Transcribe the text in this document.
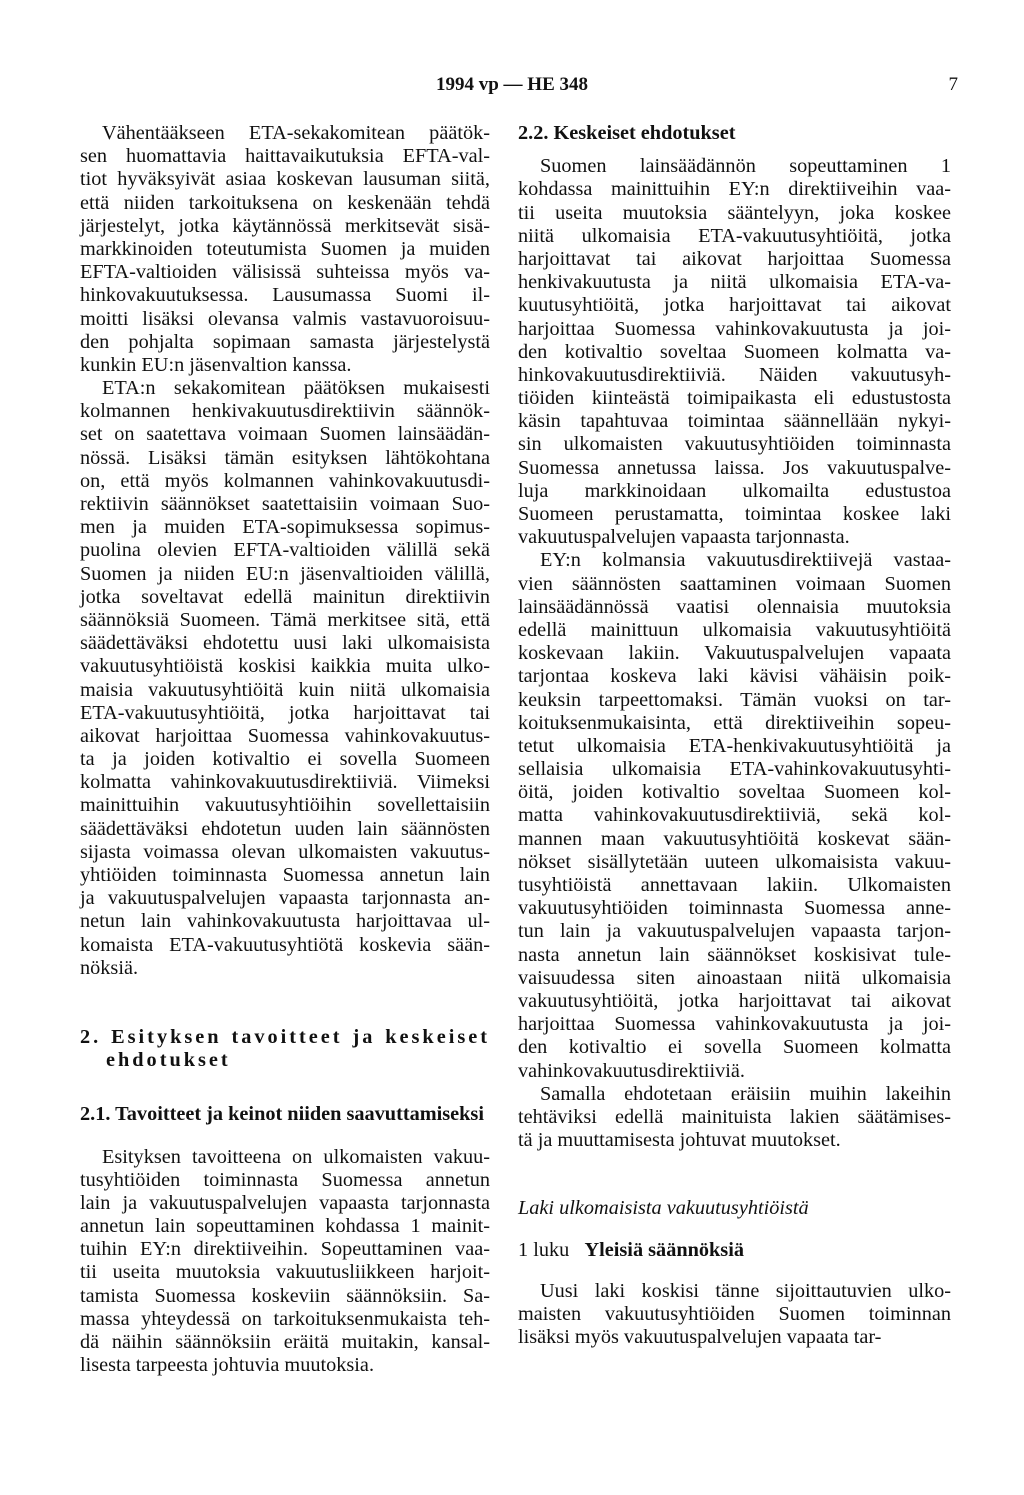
1994 vp — HE 348	7
Vähentääkseen ETA-sekakomitean päätök-
sen huomattavia haittavaikutuksia EFTA-val-
tiot hyväksyivät asiaa koskevan lausuman siitä,
että niiden tarkoituksena on keskenään tehdä
järjestelyt, jotka käytännössä merkitsevät sisä-
markkinoiden toteutumista Suomen ja muiden
EFTA-valtioiden välisissä suhteissa myös va-
hinkovakuutuksessa. Lausumassa Suomi il-
moitti lisäksi olevansa valmis vastavuoroisuu-
den pohjalta sopimaan samasta järjestelystä
kunkin EU:n jäsenvaltion kanssa.
ETA:n sekakomitean päätöksen mukaisesti
kolmannen henkivakuutusdirektiivin säännök-
set on saatettava voimaan Suomen lainsäädän-
nössä. Lisäksi tämän esityksen lähtökohtana
on, että myös kolmannen vahinkovakuutusdi-
rektiivin säännökset saatettaisiin voimaan Suo-
men ja muiden ETA-sopimuksessa sopimus-
puolina olevien EFTA-valtioiden välillä sekä
Suomen ja niiden EU:n jäsenvaltioiden välillä,
jotka soveltavat edellä mainitun direktiivin
säännöksiä Suomeen. Tämä merkitsee sitä, että
säädettäväksi ehdotettu uusi laki ulkomaisista
vakuutusyhtiöistä koskisi kaikkia muita ulko-
maisia vakuutusyhtiöitä kuin niitä ulkomaisia
ETA-vakuutusyhtiöitä, jotka harjoittavat tai
aikovat harjoittaa Suomessa vahinkovakuutus-
ta ja joiden kotivaltio ei sovella Suomeen
kolmatta vahinkovakuutusdirektiiviä. Viimeksi
mainittuihin vakuutusyhtiöihin sovellettaisiin
säädettäväksi ehdotetun uuden lain säännösten
sijasta voimassa olevan ulkomaisten vakuutus-
yhtiöiden toiminnasta Suomessa annetun lain
ja vakuutuspalvelujen vapaasta tarjonnasta an-
netun lain vahinkovakuutusta harjoittavaa ul-
komaista ETA-vakuutusyhtiötä koskevia sään-
nöksiä.
2. Esityksen tavoitteet ja keskeiset
ehdotukset
2.1. Tavoitteet ja keinot niiden saavuttamiseksi
Esityksen tavoitteena on ulkomaisten vakuu-
tusyhtiöiden toiminnasta Suomessa annetun
lain ja vakuutuspalvelujen vapaasta tarjonnasta
annetun lain sopeuttaminen kohdassa 1 mainit-
tuihin EY:n direktiiveihin. Sopeuttaminen vaa-
tii useita muutoksia vakuutusliikkeen harjoit-
tamista Suomessa koskeviin säännöksiin. Sa-
massa yhteydessä on tarkoituksenmukaista teh-
dä näihin säännöksiin eräitä muitakin, kansal-
lisesta tarpeesta johtuvia muutoksia.
2.2. Keskeiset ehdotukset
Suomen lainsäädännön sopeuttaminen 1
kohdassa mainittuihin EY:n direktiiveihin vaa-
tii useita muutoksia sääntelyyn, joka koskee
niitä ulkomaisia ETA-vakuutusyhtiöitä, jotka
harjoittavat tai aikovat harjoittaa Suomessa
henkivakuutusta ja niitä ulkomaisia ETA-va-
kuutusyhtiöitä, jotka harjoittavat tai aikovat
harjoittaa Suomessa vahinkovakuutusta ja joi-
den kotivaltio soveltaa Suomeen kolmatta va-
hinkovakuutusdirektiiviä. Näiden vakuutusyh-
tiöiden kiinteästä toimipaikasta eli edustustosta
käsin tapahtuvaa toimintaa säännellään nykyi-
sin ulkomaisten vakuutusyhtiöiden toiminnasta
Suomessa annetussa laissa. Jos vakuutuspalve-
luja markkinoidaan ulkomailta edustustoa
Suomeen perustamatta, toimintaa koskee laki
vakuutuspalvelujen vapaasta tarjonnasta.
EY:n kolmansia vakuutusdirektiivejä vastaa-
vien säännösten saattaminen voimaan Suomen
lainsäädännössä vaatisi olennaisia muutoksia
edellä mainittuun ulkomaisia vakuutusyhtiöitä
koskevaan lakiin. Vakuutuspalvelujen vapaata
tarjontaa koskeva laki kävisi vähäisin poik-
keuksin tarpeettomaksi. Tämän vuoksi on tar-
koituksenmukaisinta, että direktiiveihin sopeu-
tetut ulkomaisia ETA-henkivakuutusyhtiöitä ja
sellaisia ulkomaisia ETA-vahinkovakuutusyhti-
öitä, joiden kotivaltio soveltaa Suomeen kol-
matta vahinkovakuutusdirektiiviä, sekä kol-
mannen maan vakuutusyhtiöitä koskevat sään-
nökset sisällytetään uuteen ulkomaisista vakuu-
tusyhtiöistä annettavaan lakiin. Ulkomaisten
vakuutusyhtiöiden toiminnasta Suomessa anne-
tun lain ja vakuutuspalvelujen vapaasta tarjon-
nasta annetun lain säännökset koskisivat tule-
vaisuudessa siten ainoastaan niitä ulkomaisia
vakuutusyhtiöitä, jotka harjoittavat tai aikovat
harjoittaa Suomessa vahinkovakuutusta ja joi-
den kotivaltio ei sovella Suomeen kolmatta
vahinkovakuutusdirektiiviä.
Samalla ehdotetaan eräisiin muihin lakeihin
tehtäviksi edellä mainituista lakien säätämises-
tä ja muuttamisesta johtuvat muutokset.
Laki ulkomaisista vakuutusyhtiöistä
1 luku Yleisiä säännöksiä
Uusi laki koskisi tänne sijoittautuvien ulko-
maisten vakuutusyhtiöiden Suomen toiminnan
lisäksi myös vakuutuspalvelujen vapaata tar-
